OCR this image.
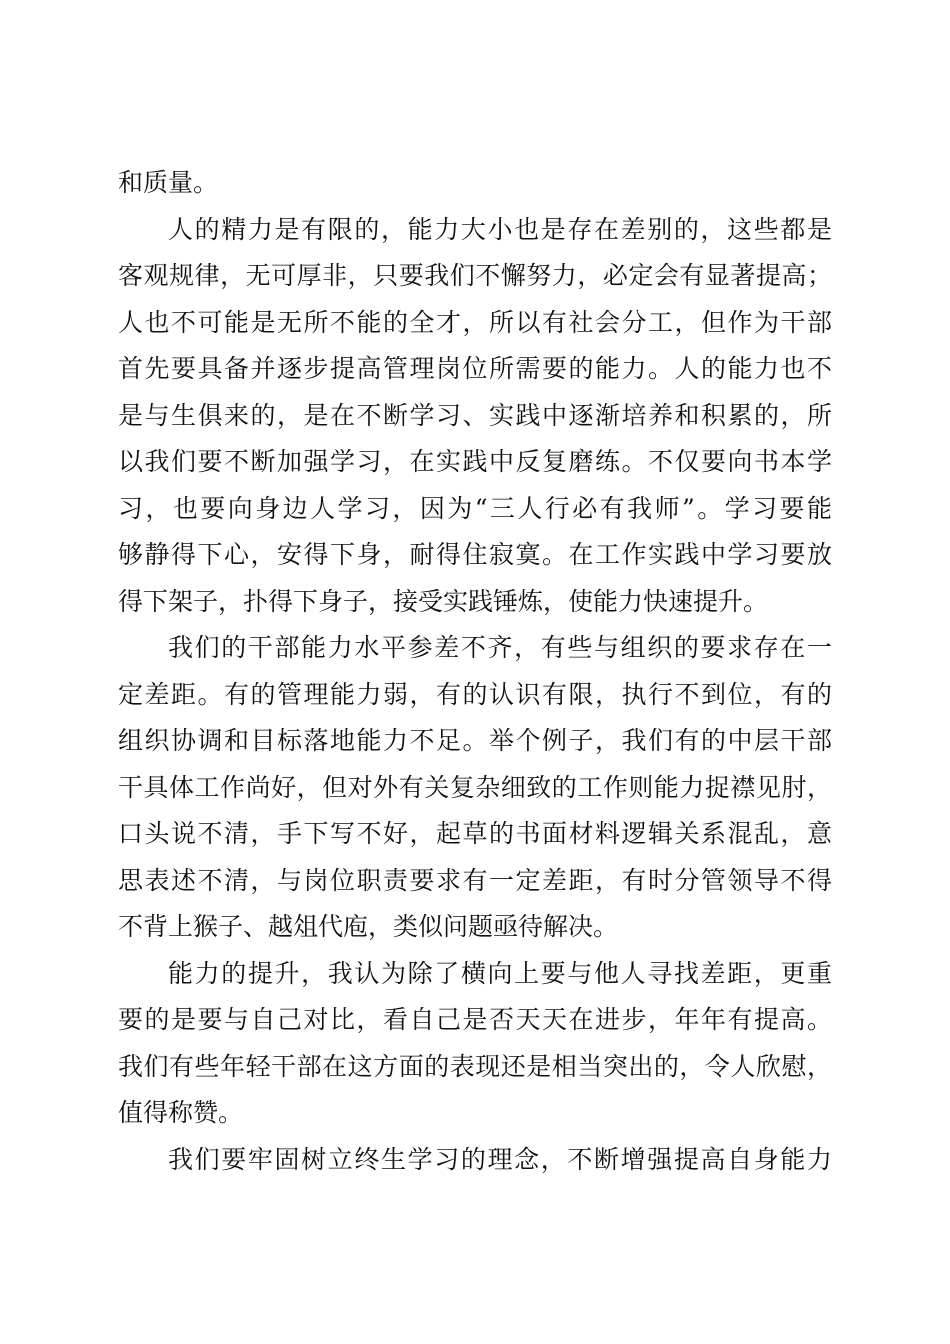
和质量。
人的精力是有限的，能力大小也是存在差别的，这些都是
客观规律，无可厚非，只要我们不懈努力，必定会有显著提高；
人也不可能是无所不能的全才，所以有社会分工，但作为干部
首先要具备并逐步提高管理岗位所需要的能力。人的能力也不
是与生俱来的，是在不断学习、实践中逐渐培养和积累的，所
以我们要不断加强学习，在实践中反复磨练。不仅要向书本学
习，也要向身边人学习，因为“三人行必有我师”。学习要能
够静得下心，安得下身，耐得住寂寞。在工作实践中学习要放
得下架子，扑得下身子，接受实践锤炼，使能力快速提升。
我们的干部能力水平参差不齐，有些与组织的要求存在一
定差距。有的管理能力弱，有的认识有限，执行不到位，有的
组织协调和目标落地能力不足。举个例子，我们有的中层干部
干具体工作尚好，但对外有关复杂细致的工作则能力捉襟见肘，
口头说不清，手下写不好，起草的书面材料逻辑关系混乱，意
思表述不清，与岗位职责要求有一定差距，有时分管领导不得
不背上猴子、越俎代庖，类似问题亟待解决。
能力的提升，我认为除了横向上要与他人寻找差距，更重
要的是要与自己对比，看自己是否天天在进步，年年有提高。
我们有些年轻干部在这方面的表现还是相当突出的，令人欣慰，
值得称赞。
我们要牢固树立终生学习的理念，不断增强提高自身能力
